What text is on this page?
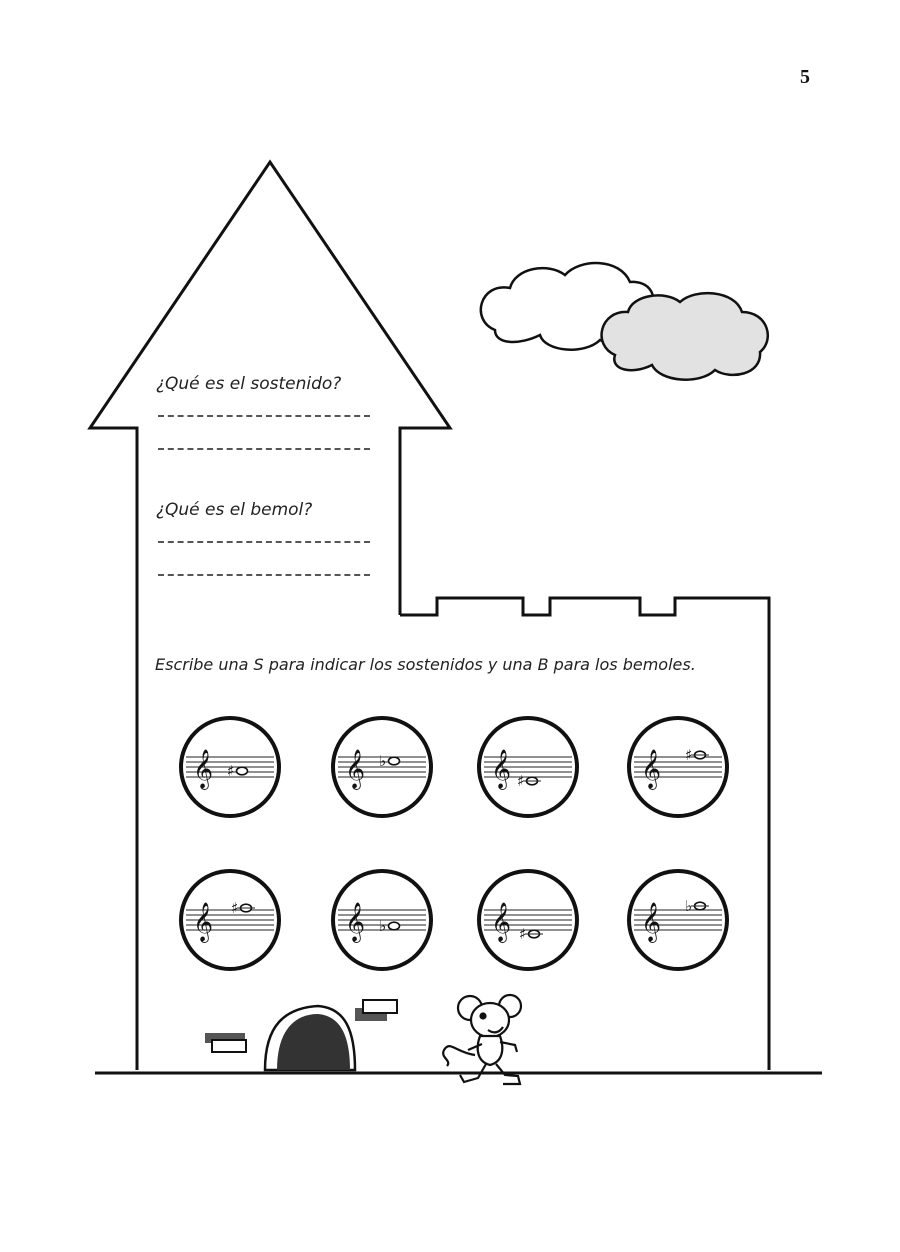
5
𝄞 ♯	𝄞 ♭	𝄞 ♯	𝄞 ♯
𝄞 ♯	𝄞 ♭	𝄞 ♯	𝄞 ♭
¿Qué es el sostenido?
¿Qué es el bemol?
Escribe una S para indicar los sostenidos y una B para los bemoles.
